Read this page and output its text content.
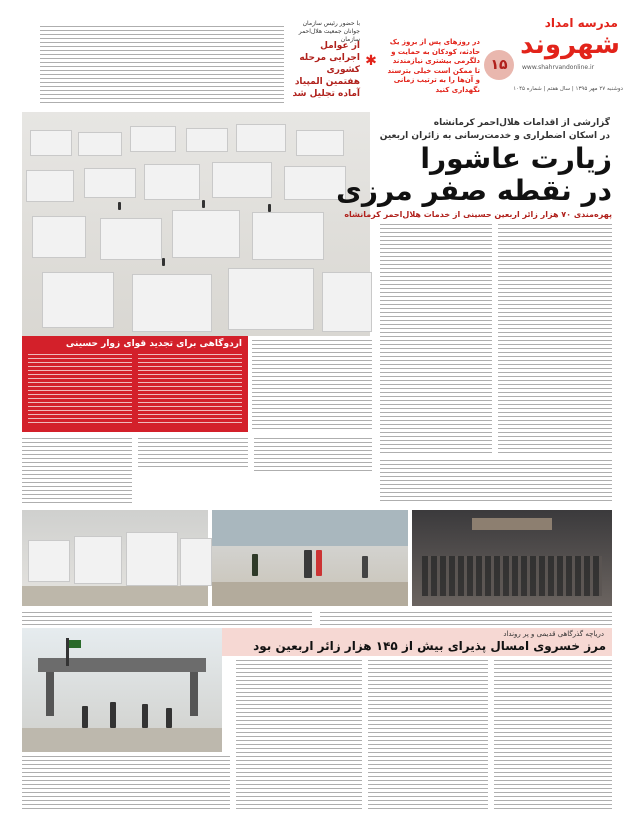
مدرسه امداد
شهروند
www.shahrvandonline.ir
دوشنبه ۲۷ مهر ۱۳۹۵ | سال هفتم | شماره ۱۰۴۵
۱۵
در روزهای پس از بروز یک حادثه، کودکان به حمایت و دلگرمی بیشتری نیازمندند تا ممکن است خیلی بترسند و آن‌ها را به ترتیب زمانی نگهداری کنید
✱
با حضور رئیس سازمان جوانان جمعیت هلال‌احمر سازمان
از عوامل اجرایی مرحله کشوری هفتمین المپیاد آماده تجلیل شد
گزارشی از اقدامات هلال‌احمر کرمانشاه
در اسکان اضطراری و خدمت‌رسانی به زائران اربعین
زیارت عاشورا
در نقطه صفر مرزی
پهره‌مندی ۷۰ هزار زائر اربعین حسینی از خدمات هلال‌احمر کرمانشاه
اردوگاهی برای تجدید قوای زوار حسینی
دریاچه گذرگاهی قدیمی و پر رونداد
مرز خسروی امسال پذیرای بیش از ۱۴۵ هزار زائر اربعین بود
